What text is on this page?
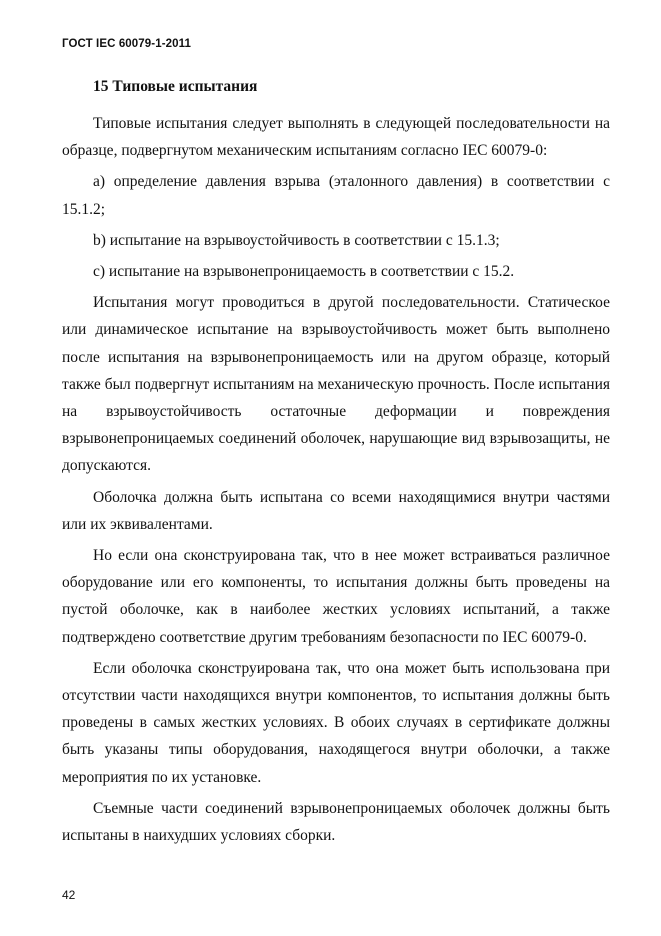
ГОСТ IEC 60079-1-2011
15 Типовые испытания

Типовые испытания следует выполнять в следующей последовательности на образце, подвергнутом механическим испытаниям согласно IEC 60079-0:

а) определение давления взрыва (эталонного давления) в соответствии с 15.1.2;

b) испытание на взрывоустойчивость в соответствии с 15.1.3;

с) испытание на взрывонепроницаемость в соответствии с 15.2.

Испытания могут проводиться в другой последовательности. Статическое или динамическое испытание на взрывоустойчивость может быть выполнено после испытания на взрывонепроницаемость или на другом образце, который также был подвергнут испытаниям на механическую прочность. После испытания на взрывоустойчивость остаточные деформации и повреждения взрывонепроницаемых соединений оболочек, нарушающие вид взрывозащиты, не допускаются.

Оболочка должна быть испытана со всеми находящимися внутри частями или их эквивалентами.

Но если она сконструирована так, что в нее может встраиваться различное оборудование или его компоненты, то испытания должны быть проведены на пустой оболочке, как в наиболее жестких условиях испытаний, а также подтверждено соответствие другим требованиям безопасности по IEC 60079-0.

Если оболочка сконструирована так, что она может быть использована при отсутствии части находящихся внутри компонентов, то испытания должны быть проведены в самых жестких условиях. В обоих случаях в сертификате должны быть указаны типы оборудования, находящегося внутри оболочки, а также мероприятия по их установке.

Съемные части соединений взрывонепроницаемых оболочек должны быть испытаны в наихудших условиях сборки.

42
